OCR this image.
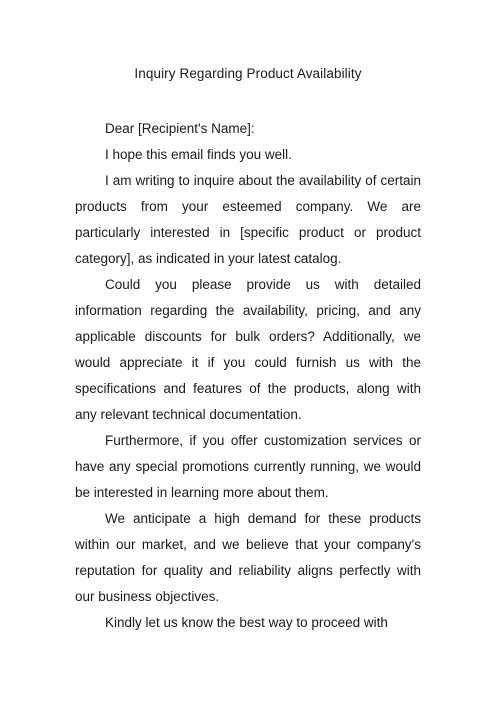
Inquiry Regarding Product Availability

Dear [Recipient's Name]:

I hope this email finds you well.

I am writing to inquire about the availability of certain products from your esteemed company. We are particularly interested in [specific product or product category], as indicated in your latest catalog.

Could you please provide us with detailed information regarding the availability, pricing, and any applicable discounts for bulk orders? Additionally, we would appreciate it if you could furnish us with the specifications and features of the products, along with any relevant technical documentation.

Furthermore, if you offer customization services or have any special promotions currently running, we would be interested in learning more about them.

We anticipate a high demand for these products within our market, and we believe that your company's reputation for quality and reliability aligns perfectly with our business objectives.

Kindly let us know the best way to proceed with
